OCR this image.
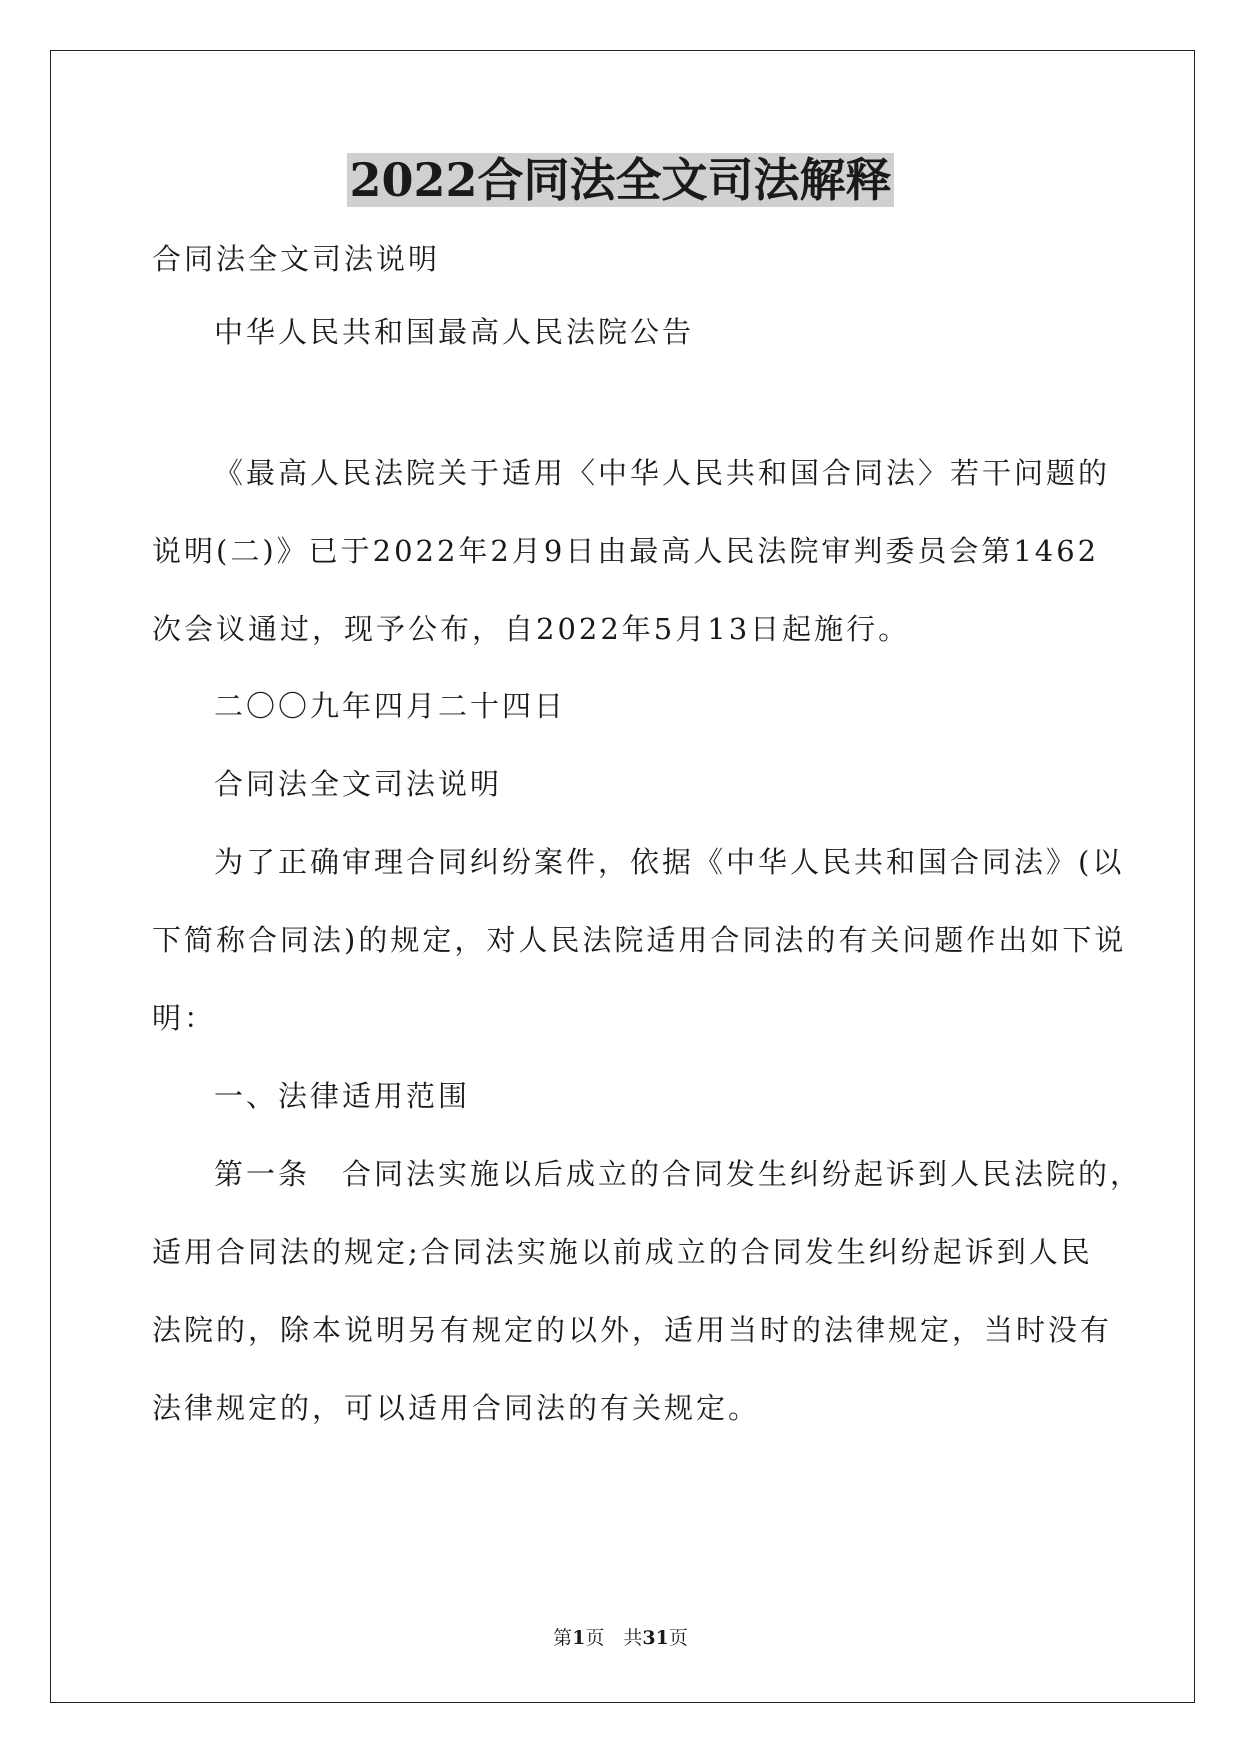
2022合同法全文司法解释
合同法全文司法说明
中华人民共和国最高人民法院公告
《最高人民法院关于适用〈中华人民共和国合同法〉若干问题的
说明(二)》已于2022年2月9日由最高人民法院审判委员会第1462
次会议通过，现予公布，自2022年5月13日起施行。
二〇〇九年四月二十四日
合同法全文司法说明
为了正确审理合同纠纷案件，依据《中华人民共和国合同法》(以
下简称合同法)的规定，对人民法院适用合同法的有关问题作出如下说
明：
一、法律适用范围
第一条　合同法实施以后成立的合同发生纠纷起诉到人民法院的，
适用合同法的规定;合同法实施以前成立的合同发生纠纷起诉到人民
法院的，除本说明另有规定的以外，适用当时的法律规定，当时没有
法律规定的，可以适用合同法的有关规定。
第1页　共31页
